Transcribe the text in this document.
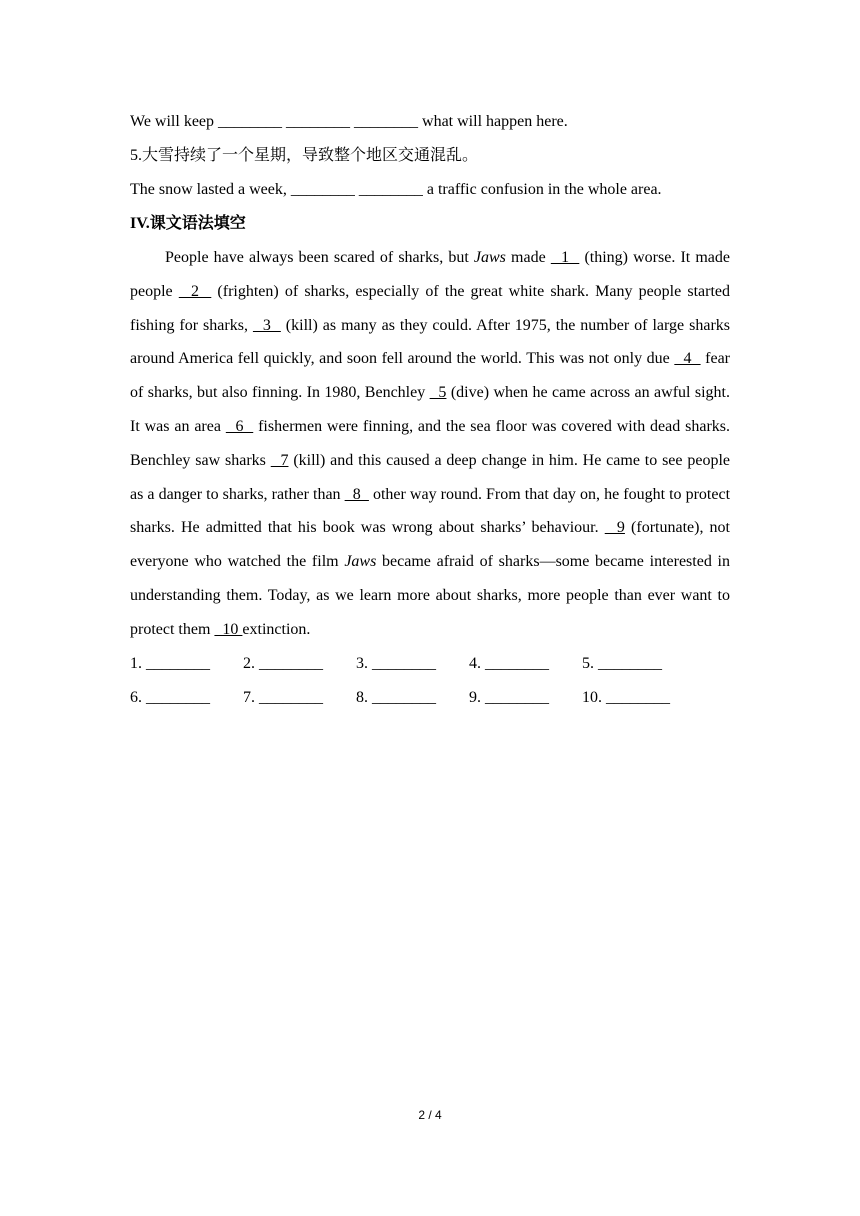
We will keep ________ ________ ________ what will happen here.
5.大雪持续了一个星期，导致整个地区交通混乱。
The snow lasted a week, ________ ________ a traffic confusion in the whole area.
IV.课文语法填空

People have always been scared of sharks, but Jaws made   1   (thing) worse. It made people   2   (frighten) of sharks, especially of the great white shark. Many people started fishing for sharks,   3   (kill) as many as they could. After 1975, the number of large sharks around America fell quickly, and soon fell around the world. This was not only due   4   fear of sharks, but also finning. In 1980, Benchley   5 (dive) when he came across an awful sight. It was an area   6   fishermen were finning, and the sea floor was covered with dead sharks. Benchley saw sharks   7 (kill) and this caused a deep change in him. He came to see people as a danger to sharks, rather than   8   other way round. From that day on, he fought to protect sharks. He admitted that his book was wrong about sharks’ behaviour.   9 (fortunate), not everyone who watched the film Jaws became afraid of sharks—some became interested in understanding them. Today, as we learn more about sharks, more people than ever want to protect them   10 extinction.

1. ________ 2. ________ 3. ________ 4. ________ 5. ________
6. ________ 7. ________ 8. ________ 9. ________ 10. ________
2 / 4
